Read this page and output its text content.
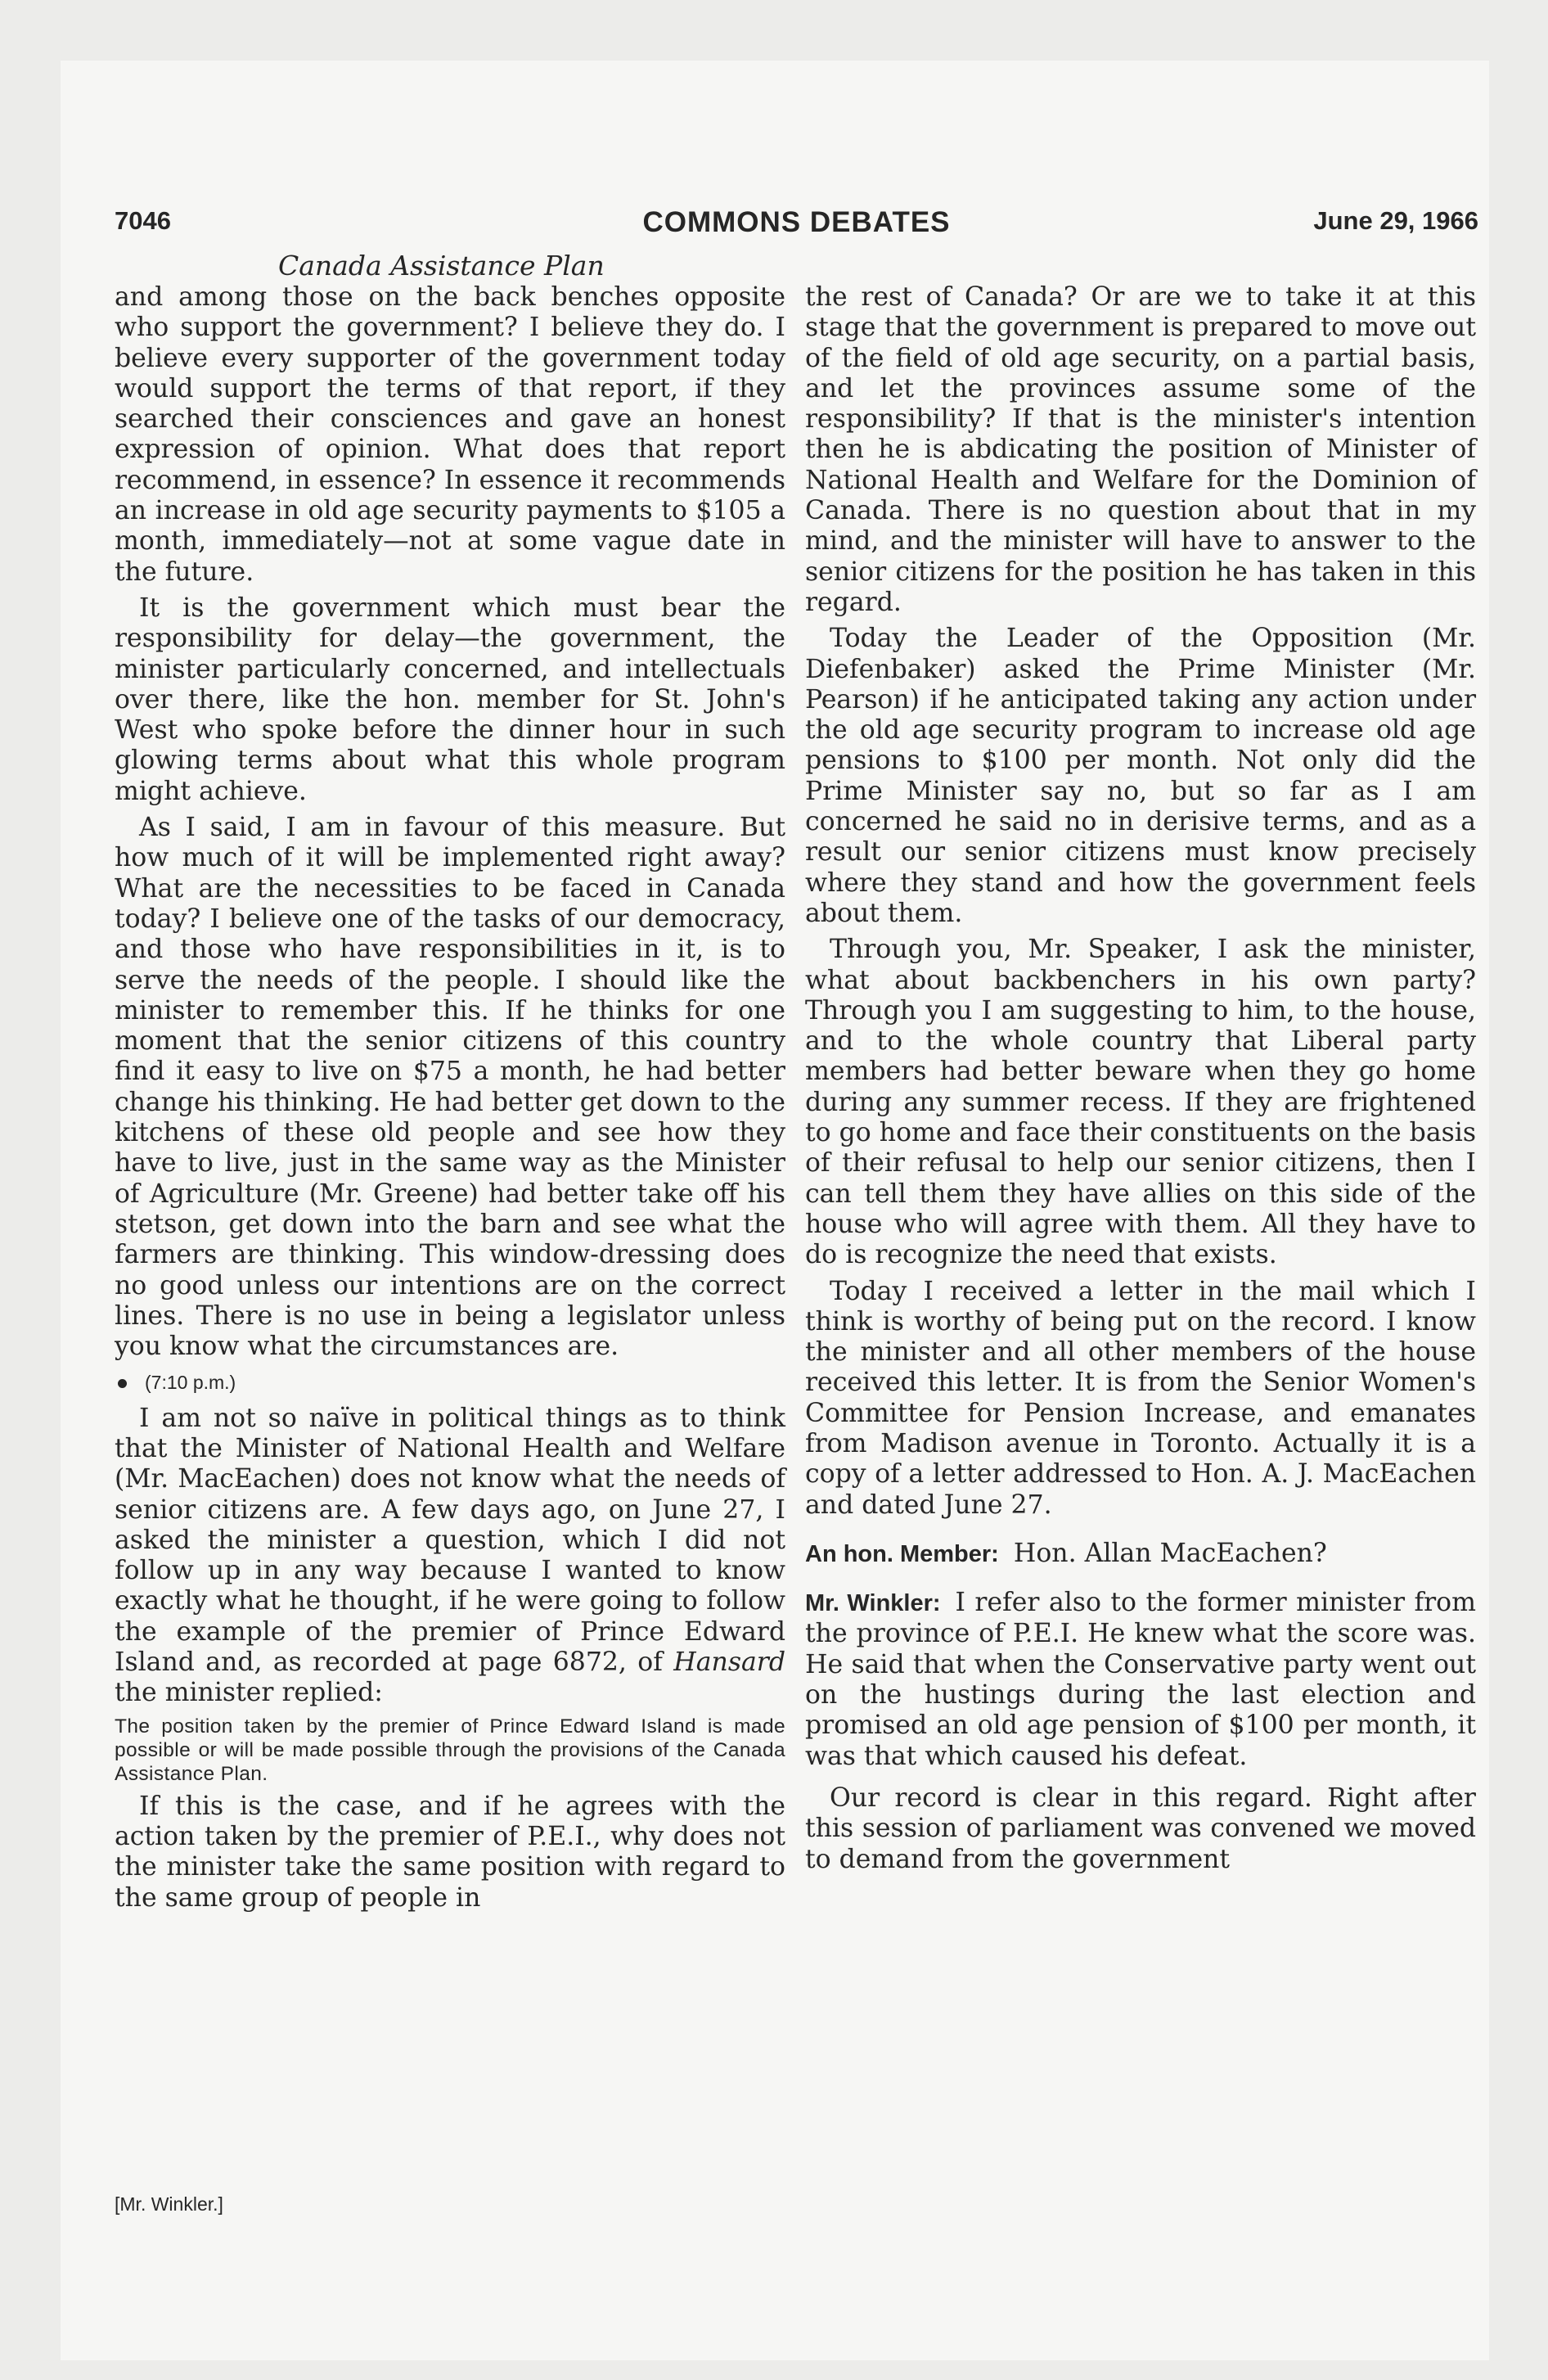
7046	COMMONS DEBATES	June 29, 1966
Canada Assistance Plan

and among those on the back benches opposite who support the government? I believe they do. I believe every supporter of the government today would support the terms of that report, if they searched their consciences and gave an honest expression of opinion. What does that report recommend, in essence? In essence it recommends an increase in old age security payments to $105 a month, immediately—not at some vague date in the future.

It is the government which must bear the responsibility for delay—the government, the minister particularly concerned, and intellectuals over there, like the hon. member for St. John's West who spoke before the dinner hour in such glowing terms about what this whole program might achieve.

As I said, I am in favour of this measure. But how much of it will be implemented right away? What are the necessities to be faced in Canada today? I believe one of the tasks of our democracy, and those who have responsibilities in it, is to serve the needs of the people. I should like the minister to remember this. If he thinks for one moment that the senior citizens of this country find it easy to live on $75 a month, he had better change his thinking. He had better get down to the kitchens of these old people and see how they have to live, just in the same way as the Minister of Agriculture (Mr. Greene) had better take off his stetson, get down into the barn and see what the farmers are thinking. This window-dressing does no good unless our intentions are on the correct lines. There is no use in being a legislator unless you know what the circumstances are.

(7:10 p.m.)

I am not so naïve in political things as to think that the Minister of National Health and Welfare (Mr. MacEachen) does not know what the needs of senior citizens are. A few days ago, on June 27, I asked the minister a question, which I did not follow up in any way because I wanted to know exactly what he thought, if he were going to follow the example of the premier of Prince Edward Island and, as recorded at page 6872, of Hansard the minister replied:

The position taken by the premier of Prince Edward Island is made possible or will be made possible through the provisions of the Canada Assistance Plan.

If this is the case, and if he agrees with the action taken by the premier of P.E.I., why does not the minister take the same position with regard to the same group of people in

the rest of Canada? Or are we to take it at this stage that the government is prepared to move out of the field of old age security, on a partial basis, and let the provinces assume some of the responsibility? If that is the minister's intention then he is abdicating the position of Minister of National Health and Welfare for the Dominion of Canada. There is no question about that in my mind, and the minister will have to answer to the senior citizens for the position he has taken in this regard.

Today the Leader of the Opposition (Mr. Diefenbaker) asked the Prime Minister (Mr. Pearson) if he anticipated taking any action under the old age security program to increase old age pensions to $100 per month. Not only did the Prime Minister say no, but so far as I am concerned he said no in derisive terms, and as a result our senior citizens must know precisely where they stand and how the government feels about them.

Through you, Mr. Speaker, I ask the minister, what about backbenchers in his own party? Through you I am suggesting to him, to the house, and to the whole country that Liberal party members had better beware when they go home during any summer recess. If they are frightened to go home and face their constituents on the basis of their refusal to help our senior citizens, then I can tell them they have allies on this side of the house who will agree with them. All they have to do is recognize the need that exists.

Today I received a letter in the mail which I think is worthy of being put on the record. I know the minister and all other members of the house received this letter. It is from the Senior Women's Committee for Pension Increase, and emanates from Madison avenue in Toronto. Actually it is a copy of a letter addressed to Hon. A. J. MacEachen and dated June 27.

An hon. Member: Hon. Allan MacEachen?

Mr. Winkler: I refer also to the former minister from the province of P.E.I. He knew what the score was. He said that when the Conservative party went out on the hustings during the last election and promised an old age pension of $100 per month, it was that which caused his defeat.

Our record is clear in this regard. Right after this session of parliament was convened we moved to demand from the government

[Mr. Winkler.]
